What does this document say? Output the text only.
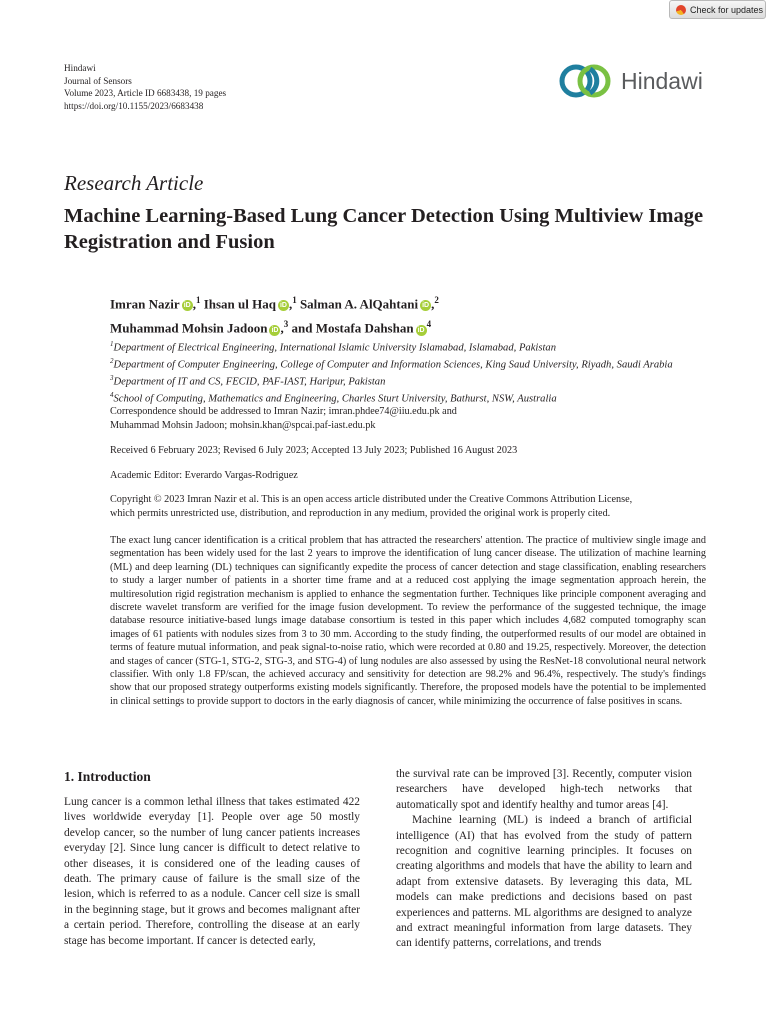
Check for updates
Hindawi
Journal of Sensors
Volume 2023, Article ID 6683438, 19 pages
https://doi.org/10.1155/2023/6683438
Hindawi
Research Article
Machine Learning-Based Lung Cancer Detection Using Multiview Image Registration and Fusion
Imran Nazir iD ,$^1$ Ihsan ul Haq iD ,$^1$ Salman A. AlQahtani iD ,$^2$
Muhammad Mohsin Jadoon iD ,$^3$ and Mostafa Dahshan $iD^4$
$^1$Department of Electrical Engineering, International Islamic University Islamabad, Islamabad, Pakistan
$^2$Department of Computer Engineering, College of Computer and Information Sciences, King Saud University, Riyadh, Saudi Arabia
$^3$Department of IT and CS, FECID, PAF-IAST, Haripur, Pakistan
$^4$School of Computing, Mathematics and Engineering, Charles Sturt University, Bathurst, NSW, Australia
Correspondence should be addressed to Imran Nazir; imran.phdee74@iiu.edu.pk and
Muhammad Mohsin Jadoon; mohsin.khan@spcai.paf-iast.edu.pk
Received 6 February 2023; Revised 6 July 2023; Accepted 13 July 2023; Published 16 August 2023
Academic Editor: Everardo Vargas-Rodriguez
Copyright © 2023 Imran Nazir et al. This is an open access article distributed under the Creative Commons Attribution License,
which permits unrestricted use, distribution, and reproduction in any medium, provided the original work is properly cited.
The exact lung cancer identification is a critical problem that has attracted the researchers' attention. The practice of multiview single image and segmentation has been widely used for the last 2 years to improve the identification of lung cancer disease. The utilization of machine learning (ML) and deep learning (DL) techniques can significantly expedite the process of cancer detection and stage classification, enabling researchers to study a larger number of patients in a shorter time frame and at a reduced cost applying the image segmentation approach herein, the multiresolution rigid registration mechanism is applied to enhance the segmentation further. Techniques like principle component averaging and discrete wavelet transform are verified for the image fusion development. To review the performance of the suggested technique, the image database resource initiative-based lungs image database consortium is tested in this paper which includes 4,682 computed tomography scan images of 61 patients with nodules sizes from 3 to 30 mm. According to the study finding, the outperformed results of our model are obtained in terms of feature mutual information, and peak signal-to-noise ratio, which were recorded at 0.80 and 19.25, respectively. Moreover, the detection and stages of cancer (STG-1, STG-2, STG-3, and STG-4) of lung nodules are also assessed by using the ResNet-18 convolutional neural network classifier. With only 1.8 FP/scan, the achieved accuracy and sensitivity for detection are 98.2% and 96.4%, respectively. The study's findings show that our proposed strategy outperforms existing models significantly. Therefore, the proposed models have the potential to be implemented in clinical settings to provide support to doctors in the early diagnosis of cancer, while minimizing the occurrence of false positives in scans.
1. Introduction

Lung cancer is a common lethal illness that takes estimated 422 lives worldwide everyday [1]. People over age 50 mostly develop cancer, so the number of lung cancer patients increases everyday [2]. Since lung cancer is difficult to detect relative to other diseases, it is considered one of the leading causes of death. The primary cause of failure is the small size of the lesion, which is referred to as a nodule. Cancer cell size is small in the beginning stage, but it grows and becomes malignant after a certain period. Therefore, controlling the disease at an early stage has become important. If cancer is detected early,

the survival rate can be improved [3]. Recently, computer vision researchers have developed high-tech networks that automatically spot and identify healthy and tumor areas [4].

Machine learning (ML) is indeed a branch of artificial intelligence (AI) that has evolved from the study of pattern recognition and cognitive learning principles. It focuses on creating algorithms and models that have the ability to learn and adapt from extensive datasets. By leveraging this data, ML models can make predictions and decisions based on past experiences and patterns. ML algorithms are designed to analyze and extract meaningful information from large datasets. They can identify patterns, correlations, and trends
